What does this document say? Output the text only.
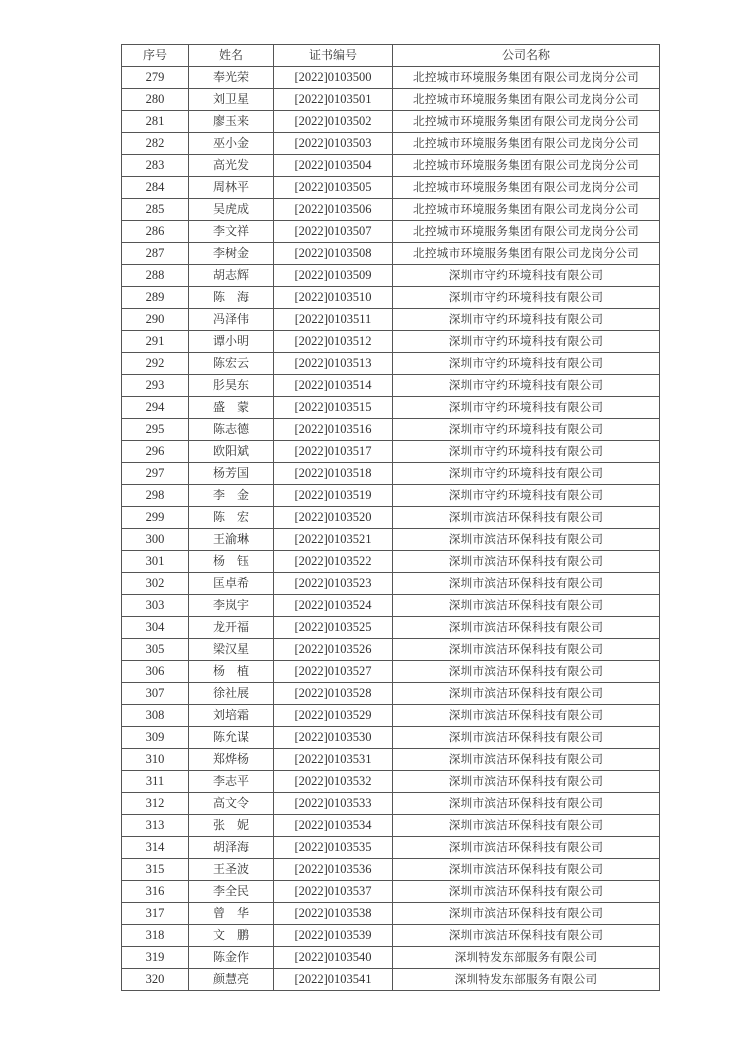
序号	姓名	证书编号	公司名称
279	奉光荣	[2022]0103500	北控城市环境服务集团有限公司龙岗分公司
280	刘卫星	[2022]0103501	北控城市环境服务集团有限公司龙岗分公司
281	廖玉来	[2022]0103502	北控城市环境服务集团有限公司龙岗分公司
282	巫小金	[2022]0103503	北控城市环境服务集团有限公司龙岗分公司
283	高光发	[2022]0103504	北控城市环境服务集团有限公司龙岗分公司
284	周林平	[2022]0103505	北控城市环境服务集团有限公司龙岗分公司
285	吴虎成	[2022]0103506	北控城市环境服务集团有限公司龙岗分公司
286	李文祥	[2022]0103507	北控城市环境服务集团有限公司龙岗分公司
287	李树金	[2022]0103508	北控城市环境服务集团有限公司龙岗分公司
288	胡志辉	[2022]0103509	深圳市守约环境科技有限公司
289	陈　海	[2022]0103510	深圳市守约环境科技有限公司
290	冯泽伟	[2022]0103511	深圳市守约环境科技有限公司
291	谭小明	[2022]0103512	深圳市守约环境科技有限公司
292	陈宏云	[2022]0103513	深圳市守约环境科技有限公司
293	肜昊东	[2022]0103514	深圳市守约环境科技有限公司
294	盛　蒙	[2022]0103515	深圳市守约环境科技有限公司
295	陈志德	[2022]0103516	深圳市守约环境科技有限公司
296	欧阳斌	[2022]0103517	深圳市守约环境科技有限公司
297	杨芳国	[2022]0103518	深圳市守约环境科技有限公司
298	李　金	[2022]0103519	深圳市守约环境科技有限公司
299	陈　宏	[2022]0103520	深圳市滨洁环保科技有限公司
300	王渝琳	[2022]0103521	深圳市滨洁环保科技有限公司
301	杨　钰	[2022]0103522	深圳市滨洁环保科技有限公司
302	匡卓希	[2022]0103523	深圳市滨洁环保科技有限公司
303	李岚宇	[2022]0103524	深圳市滨洁环保科技有限公司
304	龙开福	[2022]0103525	深圳市滨洁环保科技有限公司
305	梁汉星	[2022]0103526	深圳市滨洁环保科技有限公司
306	杨　植	[2022]0103527	深圳市滨洁环保科技有限公司
307	徐社展	[2022]0103528	深圳市滨洁环保科技有限公司
308	刘培霜	[2022]0103529	深圳市滨洁环保科技有限公司
309	陈允谋	[2022]0103530	深圳市滨洁环保科技有限公司
310	郑烨杨	[2022]0103531	深圳市滨洁环保科技有限公司
311	李志平	[2022]0103532	深圳市滨洁环保科技有限公司
312	高文令	[2022]0103533	深圳市滨洁环保科技有限公司
313	张　妮	[2022]0103534	深圳市滨洁环保科技有限公司
314	胡泽海	[2022]0103535	深圳市滨洁环保科技有限公司
315	王圣波	[2022]0103536	深圳市滨洁环保科技有限公司
316	李全民	[2022]0103537	深圳市滨洁环保科技有限公司
317	曾　华	[2022]0103538	深圳市滨洁环保科技有限公司
318	文　鹏	[2022]0103539	深圳市滨洁环保科技有限公司
319	陈金作	[2022]0103540	深圳特发东部服务有限公司
320	颜慧亮	[2022]0103541	深圳特发东部服务有限公司
